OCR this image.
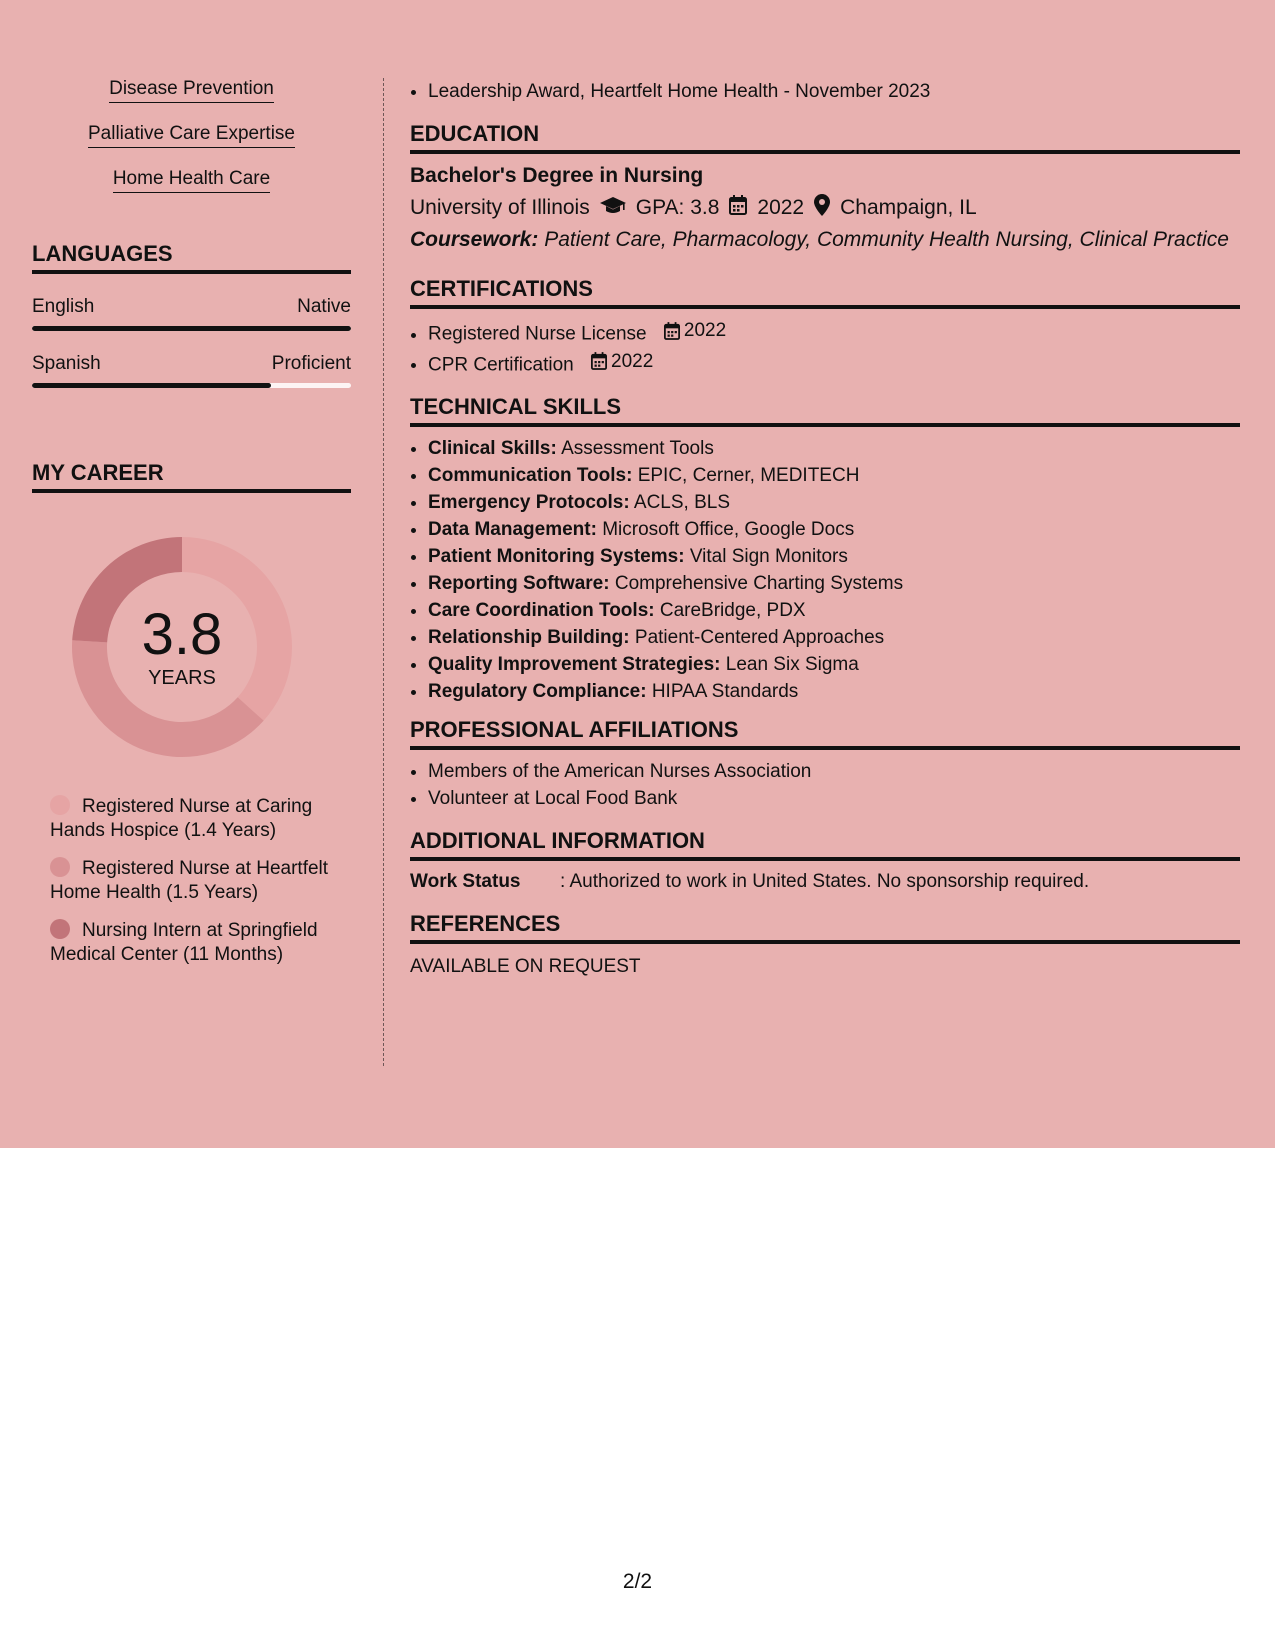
Disease Prevention
Palliative Care Expertise
Home Health Care
LANGUAGES
English	Native
Spanish	Proficient
MY CAREER
3.8
YEARS
Registered Nurse at Caring Hands Hospice (1.4 Years)
Registered Nurse at Heartfelt Home Health (1.5 Years)
Nursing Intern at Springfield Medical Center (11 Months)
• Leadership Award, Heartfelt Home Health - November 2023
EDUCATION
Bachelor's Degree in Nursing
University of Illinois GPA: 3.8 2022 Champaign, IL
Coursework: Patient Care, Pharmacology, Community Health Nursing, Clinical Practice
CERTIFICATIONS
• Registered Nurse License 2022
• CPR Certification 2022
TECHNICAL SKILLS
• Clinical Skills: Assessment Tools
• Communication Tools: EPIC, Cerner, MEDITECH
• Emergency Protocols: ACLS, BLS
• Data Management: Microsoft Office, Google Docs
• Patient Monitoring Systems: Vital Sign Monitors
• Reporting Software: Comprehensive Charting Systems
• Care Coordination Tools: CareBridge, PDX
• Relationship Building: Patient-Centered Approaches
• Quality Improvement Strategies: Lean Six Sigma
• Regulatory Compliance: HIPAA Standards
PROFESSIONAL AFFILIATIONS
• Members of the American Nurses Association
• Volunteer at Local Food Bank
ADDITIONAL INFORMATION
Work Status	: Authorized to work in United States. No sponsorship required.
REFERENCES
AVAILABLE ON REQUEST
2/2
